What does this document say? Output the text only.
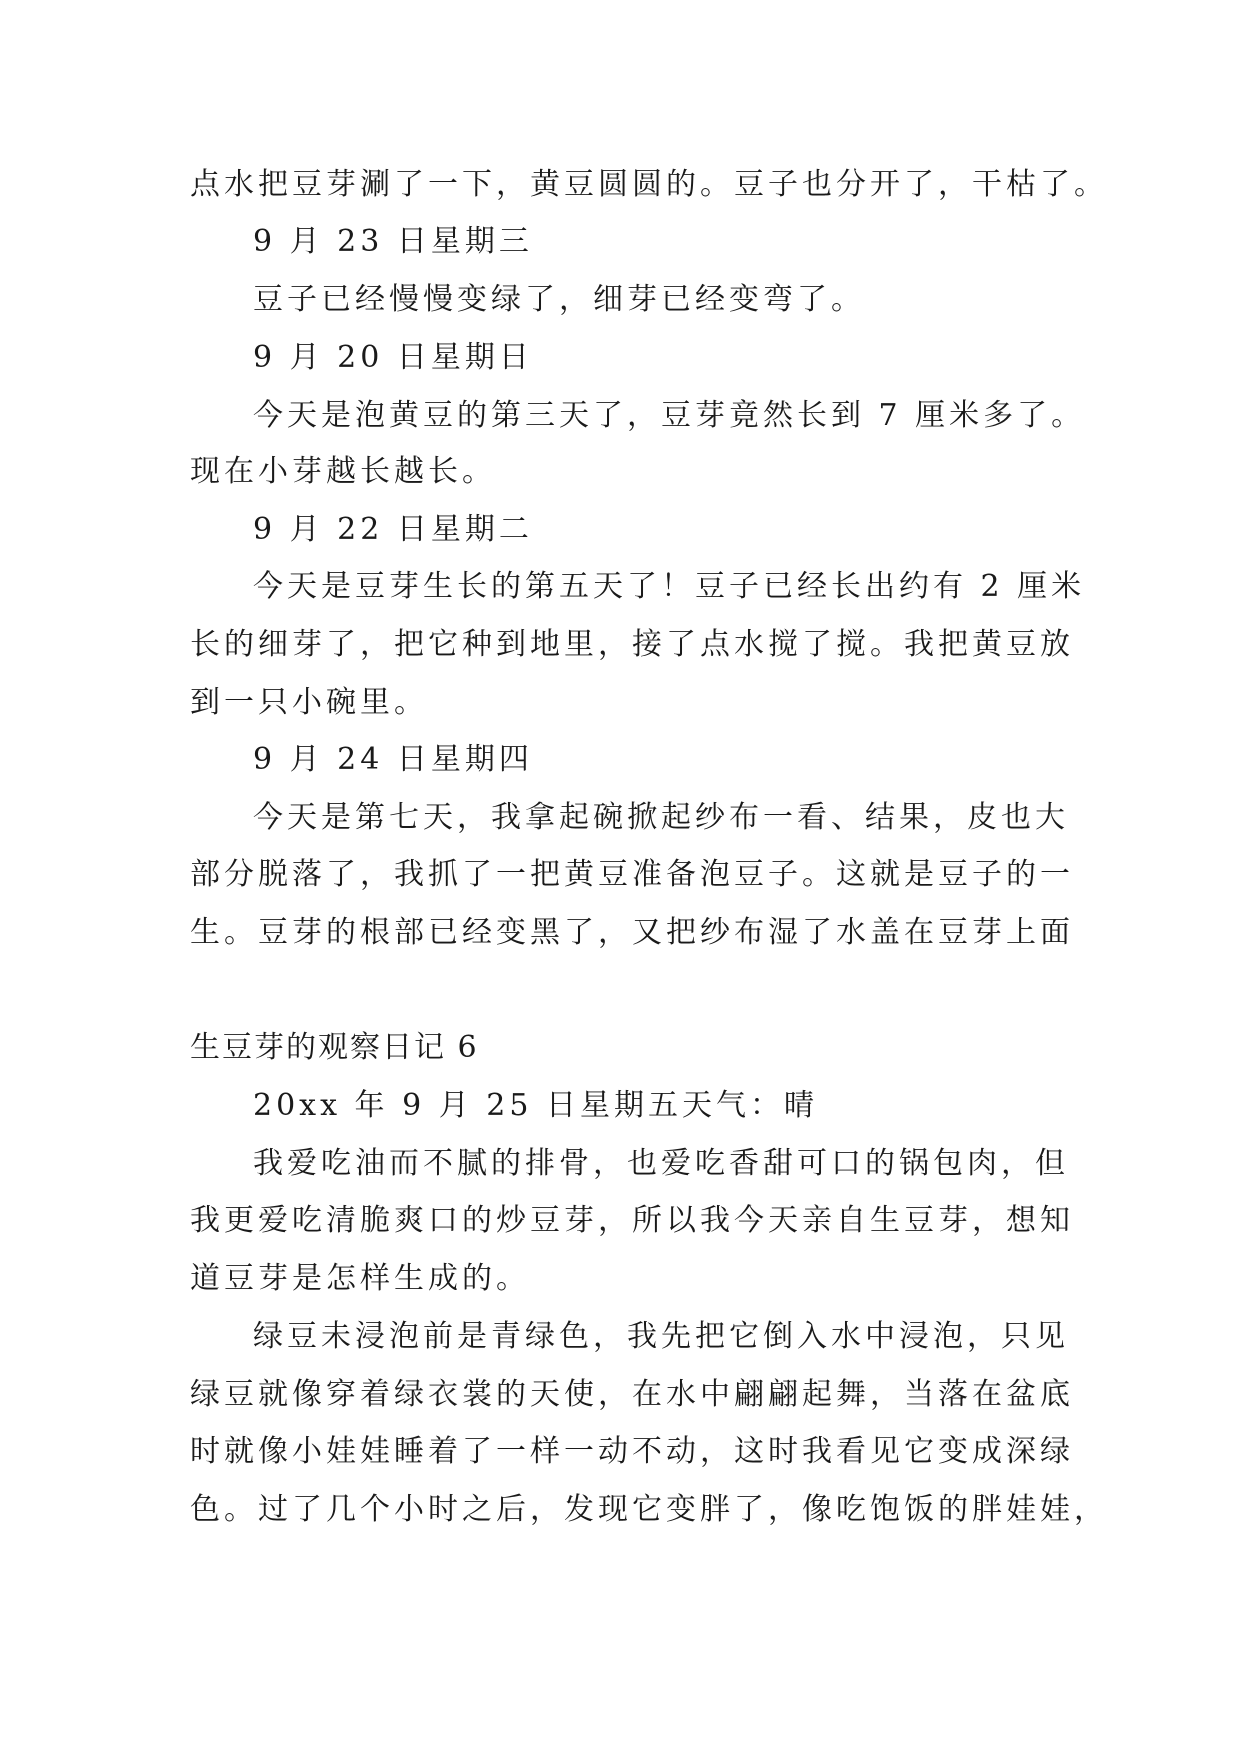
点水把豆芽涮了一下，黄豆圆圆的。豆子也分开了，干枯了。
9 月 23 日星期三
豆子已经慢慢变绿了，细芽已经变弯了。
9 月 20 日星期日
今天是泡黄豆的第三天了，豆芽竟然长到 7 厘米多了。
现在小芽越长越长。
9 月 22 日星期二
今天是豆芽生长的第五天了！豆子已经长出约有 2 厘米
长的细芽了，把它种到地里，接了点水搅了搅。我把黄豆放
到一只小碗里。
9 月 24 日星期四
今天是第七天，我拿起碗掀起纱布一看、结果，皮也大
部分脱落了，我抓了一把黄豆准备泡豆子。这就是豆子的一
生。豆芽的根部已经变黑了，又把纱布湿了水盖在豆芽上面
生豆芽的观察日记 6
20xx 年 9 月 25 日星期五天气：晴
我爱吃油而不腻的排骨，也爱吃香甜可口的锅包肉，但
我更爱吃清脆爽口的炒豆芽，所以我今天亲自生豆芽，想知
道豆芽是怎样生成的。
绿豆未浸泡前是青绿色，我先把它倒入水中浸泡，只见
绿豆就像穿着绿衣裳的天使，在水中翩翩起舞，当落在盆底
时就像小娃娃睡着了一样一动不动，这时我看见它变成深绿
色。过了几个小时之后，发现它变胖了，像吃饱饭的胖娃娃，
